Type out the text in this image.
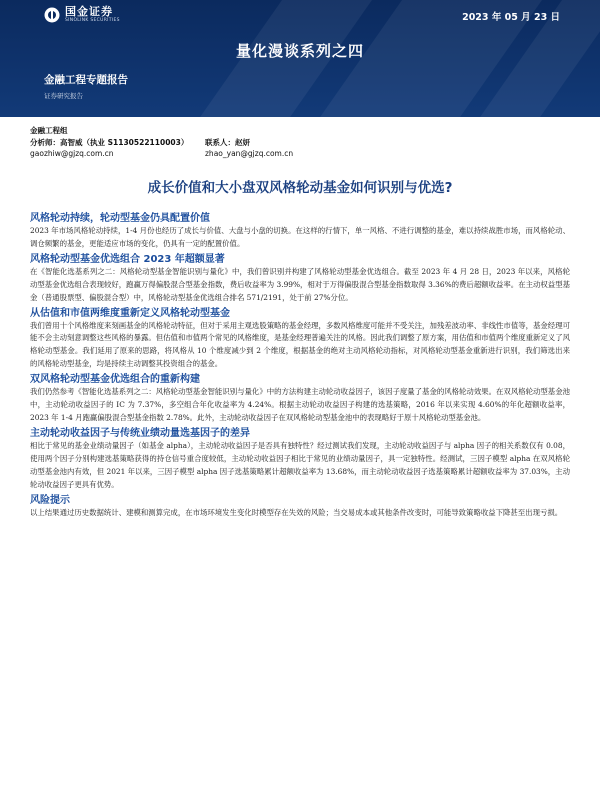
国金证券
SINOLINK SECURITIES	2023 年 05 月 23 日
量化漫谈系列之四
金融工程专题报告
证券研究报告
金融工程组
分析师：高智威（执业 S1130522110003）	联系人：赵妍
gaozhiw@gjzq.com.cn	zhao_yan@gjzq.com.cn
成长价值和大小盘双风格轮动基金如何识别与优选?
风格轮动持续，轮动型基金仍具配置价值
2023 年市场风格轮动持续，1-4 月份也经历了成长与价值、大盘与小盘的切换。在这样的行情下，单一风格、不进行调整的基金，难以持续战胜市场，而风格轮动、调仓频繁的基金，更能适应市场的变化，仍具有一定的配置价值。
风格轮动型基金优选组合 2023 年超额显著
在《智能化选基系列之二：风格轮动型基金智能识别与量化》中，我们曾识别并构建了风格轮动型基金优选组合。截至 2023 年 4 月 28 日，2023 年以来，风格轮动型基金优选组合表现较好，跑赢万得偏股混合型基金指数，费后收益率为 3.99%，相对于万得偏股混合型基金指数取得 3.36%的费后超额收益率。在主动权益型基金（普通股票型、偏股混合型）中，风格轮动型基金优选组合排名 571/2191，处于前 27%分位。
从估值和市值两维度重新定义风格轮动型基金
我们曾用十个风格维度来刻画基金的风格轮动特征，但对于采用主观选股策略的基金经理，多数风格维度可能并不受关注，加残差波动率、非线性市值等，基金经理可能不会主动刻意调整这些风格的暴露。但估值和市值两个常见的风格维度，是基金经理普遍关注的风格。因此我们调整了原方案，用估值和市值两个维度重新定义了风格轮动型基金。我们延用了原来的思路，将风格从 10 个维度减少到 2 个维度，根据基金的绝对主动风格轮动指标，对风格轮动型基金重新进行识别，我们筛选出来的风格轮动型基金，均是持续主动调整其投资组合的基金。
双风格轮动型基金优选组合的重新构建
我们仍然参考《智能化选基系列之二：风格轮动型基金智能识别与量化》中的方法构建主动轮动收益因子，该因子度量了基金的风格轮动效果。在双风格轮动型基金池中，主动轮动收益因子的 IC 为 7.37%，多空组合年化收益率为 4.24%。根据主动轮动收益因子构建的选基策略，2016 年以来实现 4.60%的年化超额收益率，2023 年 1-4 月跑赢偏股混合型基金指数 2.78%。此外，主动轮动收益因子在双风格轮动型基金池中的表现略好于原十风格轮动型基金池。
主动轮动收益因子与传统业绩动量选基因子的差异
相比于常见的基金业绩动量因子（如基金 alpha），主动轮动收益因子是否具有独特性？经过测试我们发现，主动轮动收益因子与 alpha 因子的相关系数仅有 0.08，使用两个因子分别构建选基策略获得的持仓信号重合度较低，主动轮动收益因子相比于常见的业绩动量因子，具一定独特性。经测试，三因子模型 alpha 在双风格轮动型基金池内有效，但 2021 年以来，三因子模型 alpha 因子选基策略累计超额收益率为 13.68%，而主动轮动收益因子选基策略累计超额收益率为 37.03%，主动轮动收益因子更具有优势。
风险提示
以上结果通过历史数据统计、建模和测算完成，在市场环境发生变化时模型存在失效的风险；当交易成本或其他条件改变时，可能导致策略收益下降甚至出现亏损。
